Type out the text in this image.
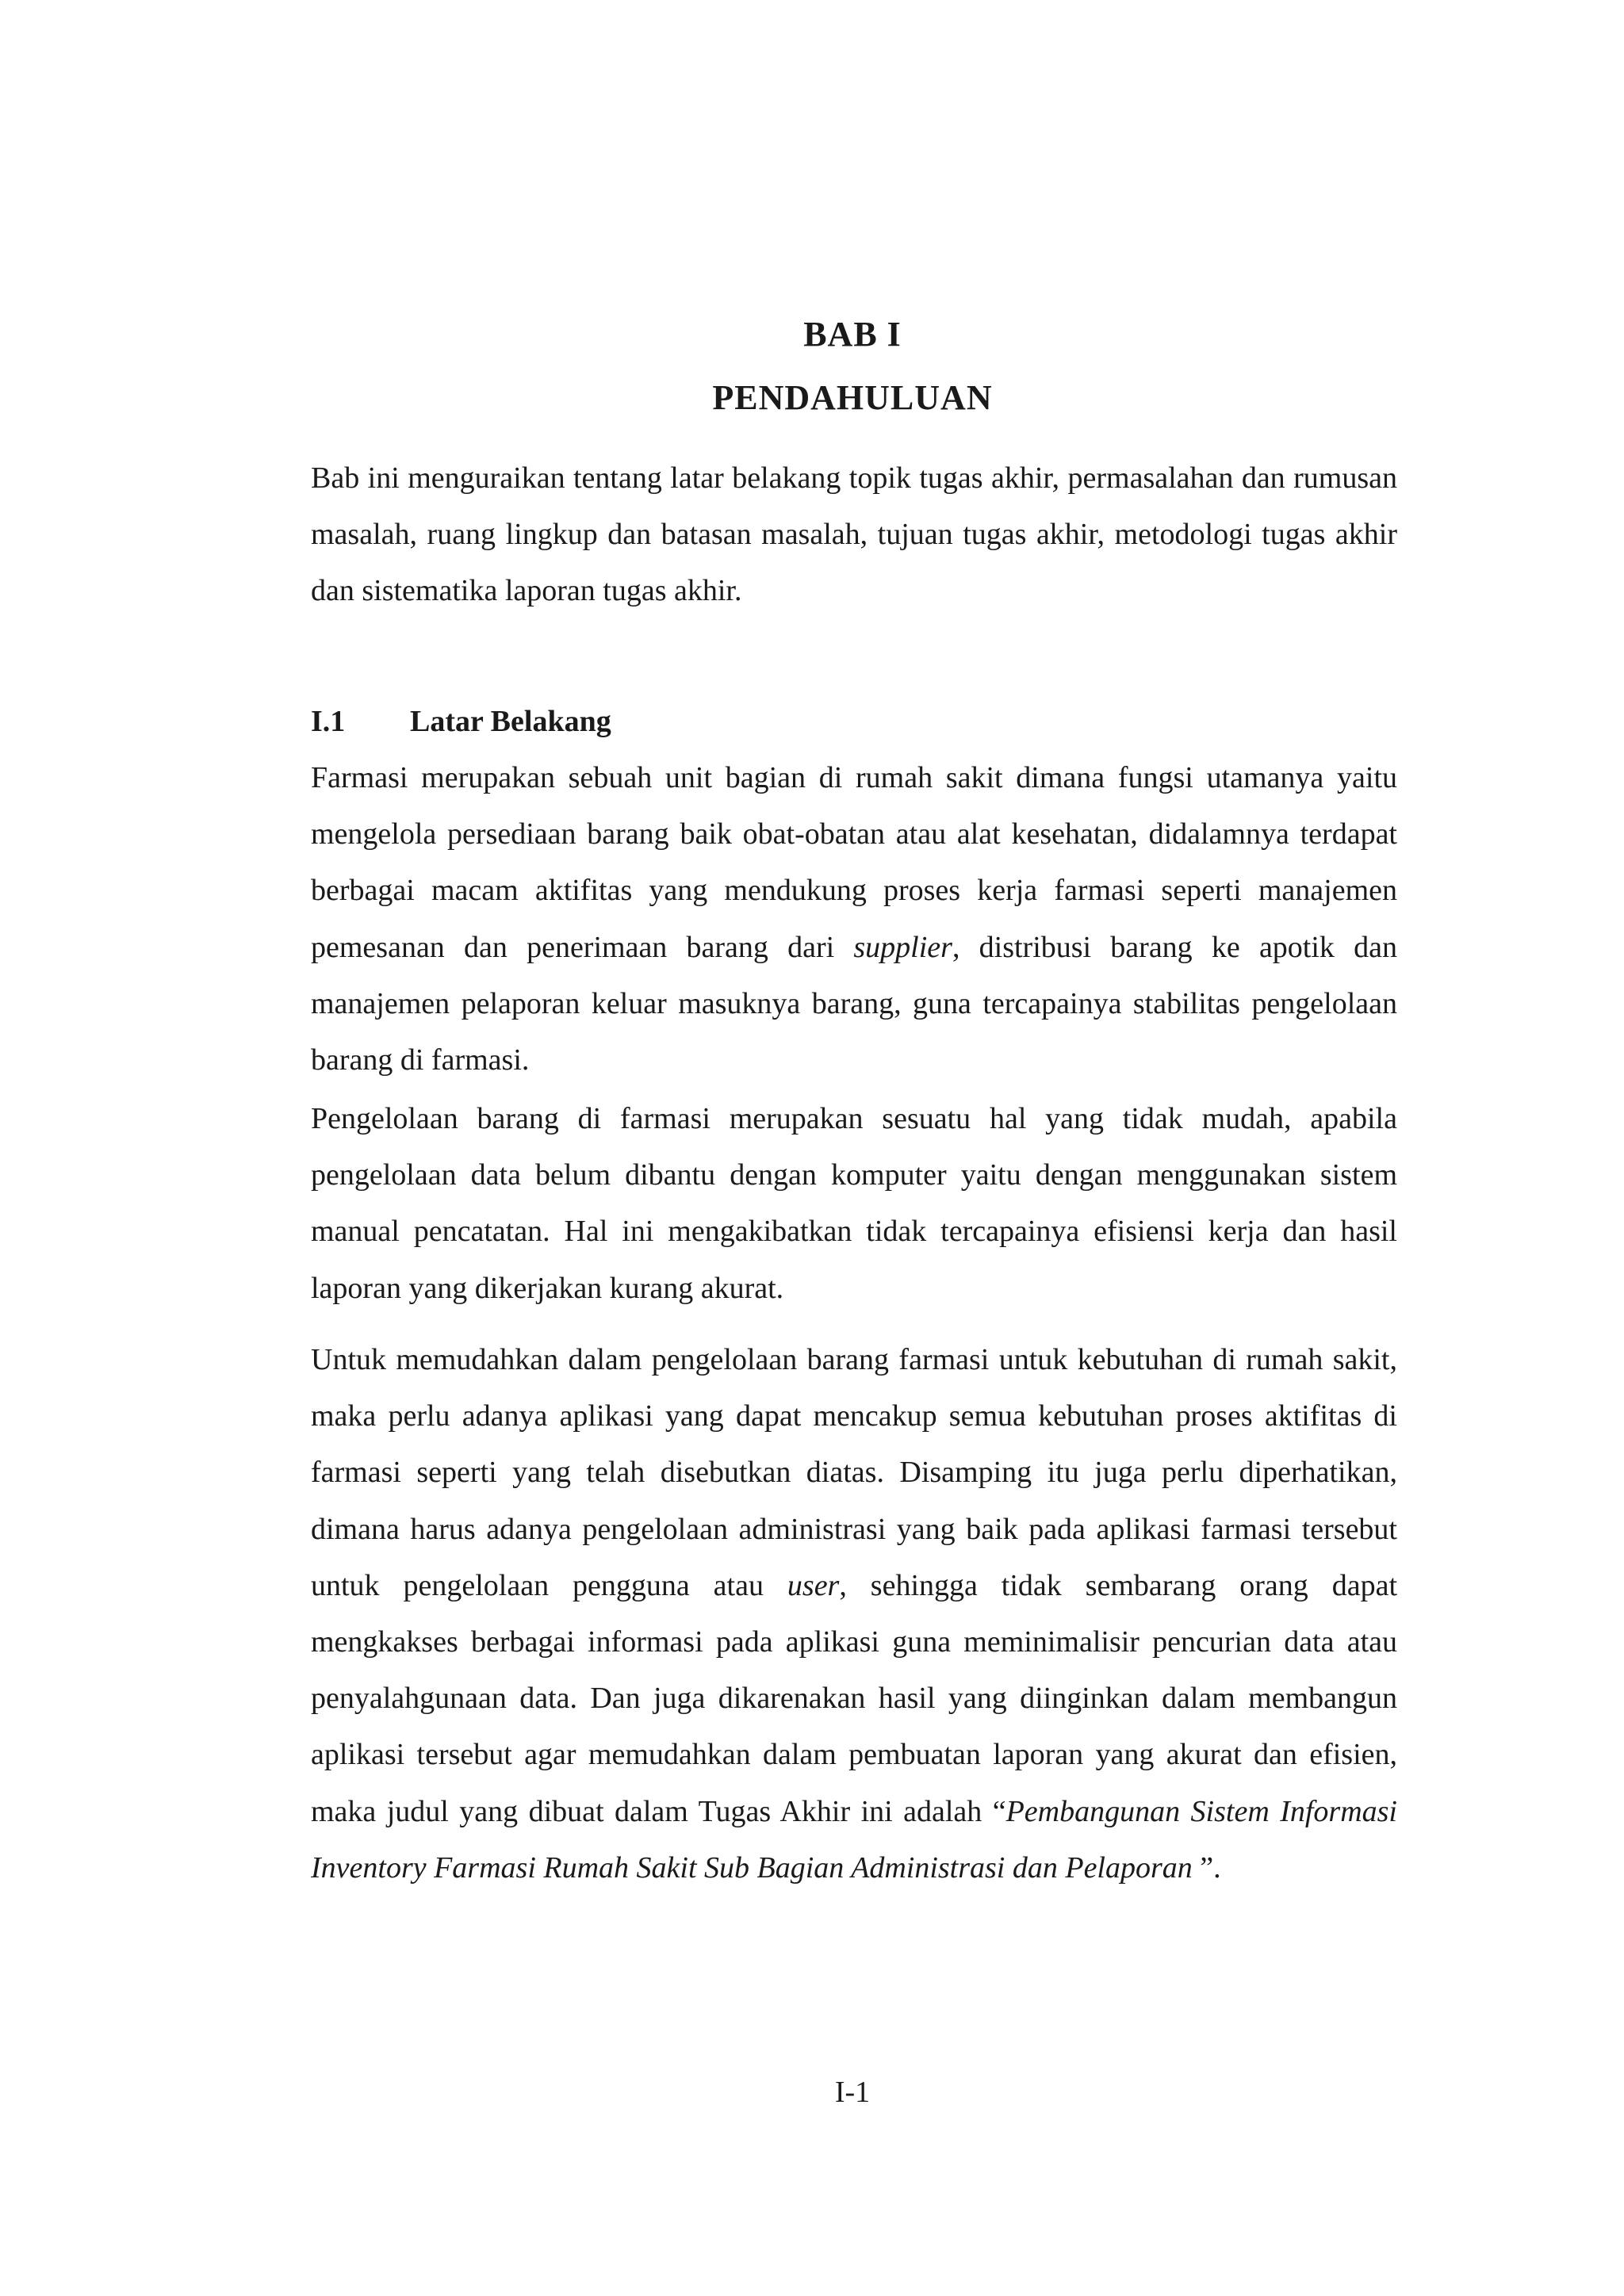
BAB I
PENDAHULUAN

Bab ini menguraikan tentang latar belakang topik tugas akhir, permasalahan dan rumusan masalah, ruang lingkup dan batasan masalah, tujuan tugas akhir, metodologi tugas akhir dan sistematika laporan tugas akhir.

I.1 Latar Belakang

Farmasi merupakan sebuah unit bagian di rumah sakit dimana fungsi utamanya yaitu mengelola persediaan barang baik obat-obatan atau alat kesehatan, didalamnya terdapat berbagai macam aktifitas yang mendukung proses kerja farmasi seperti manajemen pemesanan dan penerimaan barang dari supplier, distribusi barang ke apotik dan manajemen pelaporan keluar masuknya barang, guna tercapainya stabilitas pengelolaan barang di farmasi.

Pengelolaan barang di farmasi merupakan sesuatu hal yang tidak mudah, apabila pengelolaan data belum dibantu dengan komputer yaitu dengan menggunakan sistem manual pencatatan. Hal ini mengakibatkan tidak tercapainya efisiensi kerja dan hasil laporan yang dikerjakan kurang akurat.

Untuk memudahkan dalam pengelolaan barang farmasi untuk kebutuhan di rumah sakit, maka perlu adanya aplikasi yang dapat mencakup semua kebutuhan proses aktifitas di farmasi seperti yang telah disebutkan diatas. Disamping itu juga perlu diperhatikan, dimana harus adanya pengelolaan administrasi yang baik pada aplikasi farmasi tersebut untuk pengelolaan pengguna atau user, sehingga tidak sembarang orang dapat mengkakses berbagai informasi pada aplikasi guna meminimalisir pencurian data atau penyalahgunaan data. Dan juga dikarenakan hasil yang diinginkan dalam membangun aplikasi tersebut agar memudahkan dalam pembuatan laporan yang akurat dan efisien, maka judul yang dibuat dalam Tugas Akhir ini adalah “Pembangunan Sistem Informasi Inventory Farmasi Rumah Sakit Sub Bagian Administrasi dan Pelaporan ”.

I-1
